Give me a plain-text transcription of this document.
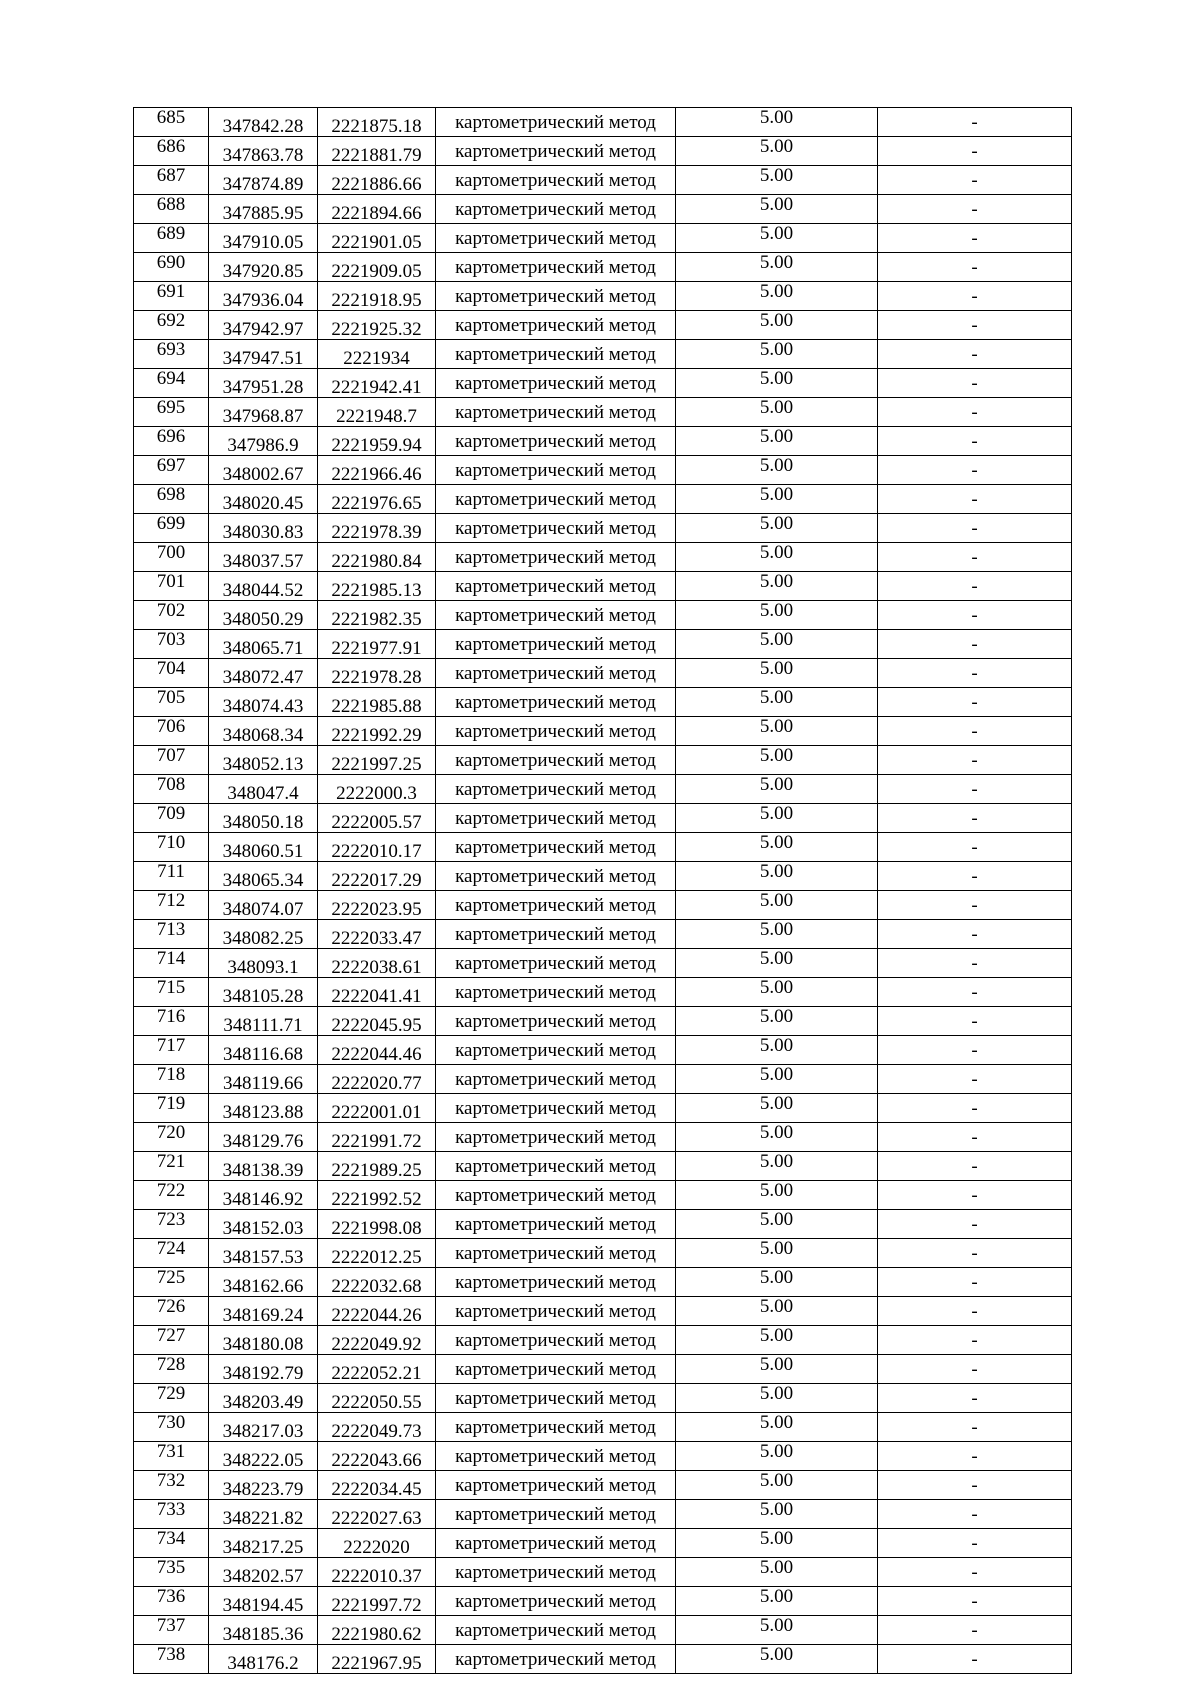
685	347842.28	2221875.18	картометрический метод	5.00	-
686	347863.78	2221881.79	картометрический метод	5.00	-
687	347874.89	2221886.66	картометрический метод	5.00	-
688	347885.95	2221894.66	картометрический метод	5.00	-
689	347910.05	2221901.05	картометрический метод	5.00	-
690	347920.85	2221909.05	картометрический метод	5.00	-
691	347936.04	2221918.95	картометрический метод	5.00	-
692	347942.97	2221925.32	картометрический метод	5.00	-
693	347947.51	2221934	картометрический метод	5.00	-
694	347951.28	2221942.41	картометрический метод	5.00	-
695	347968.87	2221948.7	картометрический метод	5.00	-
696	347986.9	2221959.94	картометрический метод	5.00	-
697	348002.67	2221966.46	картометрический метод	5.00	-
698	348020.45	2221976.65	картометрический метод	5.00	-
699	348030.83	2221978.39	картометрический метод	5.00	-
700	348037.57	2221980.84	картометрический метод	5.00	-
701	348044.52	2221985.13	картометрический метод	5.00	-
702	348050.29	2221982.35	картометрический метод	5.00	-
703	348065.71	2221977.91	картометрический метод	5.00	-
704	348072.47	2221978.28	картометрический метод	5.00	-
705	348074.43	2221985.88	картометрический метод	5.00	-
706	348068.34	2221992.29	картометрический метод	5.00	-
707	348052.13	2221997.25	картометрический метод	5.00	-
708	348047.4	2222000.3	картометрический метод	5.00	-
709	348050.18	2222005.57	картометрический метод	5.00	-
710	348060.51	2222010.17	картометрический метод	5.00	-
711	348065.34	2222017.29	картометрический метод	5.00	-
712	348074.07	2222023.95	картометрический метод	5.00	-
713	348082.25	2222033.47	картометрический метод	5.00	-
714	348093.1	2222038.61	картометрический метод	5.00	-
715	348105.28	2222041.41	картометрический метод	5.00	-
716	348111.71	2222045.95	картометрический метод	5.00	-
717	348116.68	2222044.46	картометрический метод	5.00	-
718	348119.66	2222020.77	картометрический метод	5.00	-
719	348123.88	2222001.01	картометрический метод	5.00	-
720	348129.76	2221991.72	картометрический метод	5.00	-
721	348138.39	2221989.25	картометрический метод	5.00	-
722	348146.92	2221992.52	картометрический метод	5.00	-
723	348152.03	2221998.08	картометрический метод	5.00	-
724	348157.53	2222012.25	картометрический метод	5.00	-
725	348162.66	2222032.68	картометрический метод	5.00	-
726	348169.24	2222044.26	картометрический метод	5.00	-
727	348180.08	2222049.92	картометрический метод	5.00	-
728	348192.79	2222052.21	картометрический метод	5.00	-
729	348203.49	2222050.55	картометрический метод	5.00	-
730	348217.03	2222049.73	картометрический метод	5.00	-
731	348222.05	2222043.66	картометрический метод	5.00	-
732	348223.79	2222034.45	картометрический метод	5.00	-
733	348221.82	2222027.63	картометрический метод	5.00	-
734	348217.25	2222020	картометрический метод	5.00	-
735	348202.57	2222010.37	картометрический метод	5.00	-
736	348194.45	2221997.72	картометрический метод	5.00	-
737	348185.36	2221980.62	картометрический метод	5.00	-
738	348176.2	2221967.95	картометрический метод	5.00	-
